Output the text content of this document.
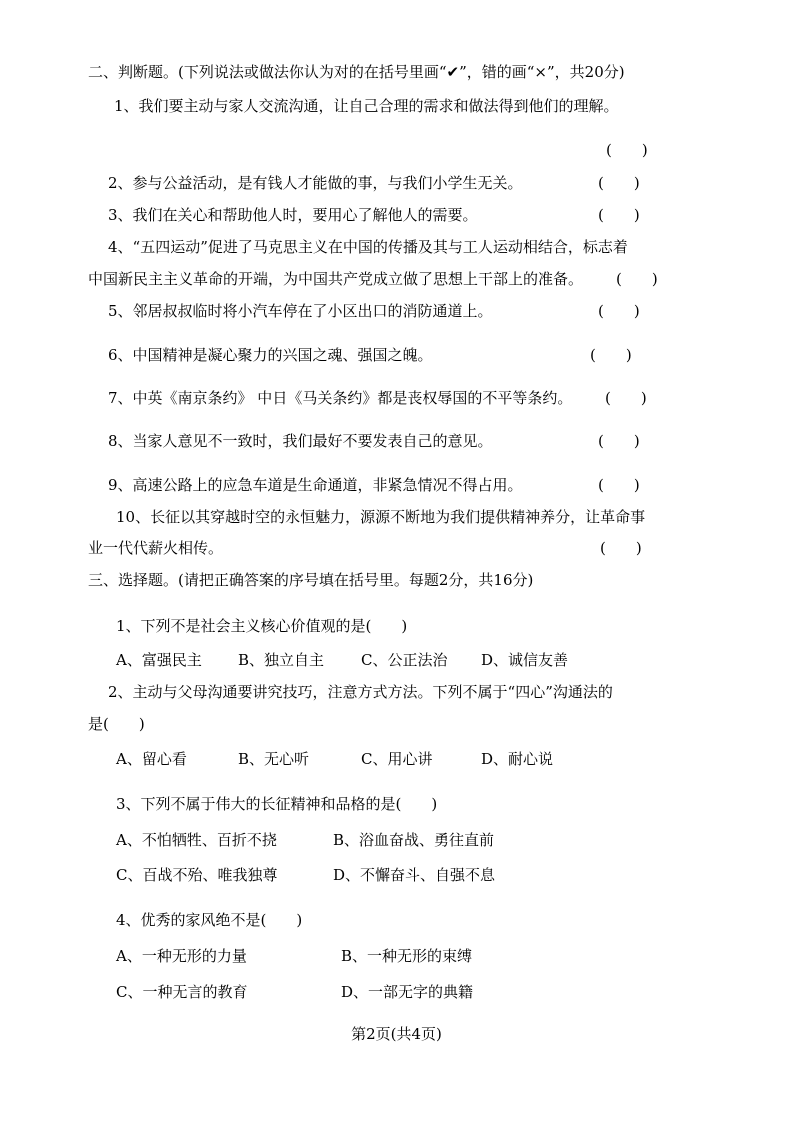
二、判断题。(下列说法或做法你认为对的在括号里画“✔”，错的画“×”，共20分)
1、我们要主动与家人交流沟通，让自己合理的需求和做法得到他们的理解。
(　　)
2、参与公益活动，是有钱人才能做的事，与我们小学生无关。	(　　)
3、我们在关心和帮助他人时，要用心了解他人的需要。	(　　)
4、“五四运动”促进了马克思主义在中国的传播及其与工人运动相结合，标志着
中国新民主主义革命的开端，为中国共产党成立做了思想上干部上的准备。 (　　)
5、邻居叔叔临时将小汽车停在了小区出口的消防通道上。	(　　)
6、中国精神是凝心聚力的兴国之魂、强国之魄。	(　　)
7、中英《南京条约》 中日《马关条约》都是丧权辱国的不平等条约。 (　　)
8、当家人意见不一致时，我们最好不要发表自己的意见。	(　　)
9、高速公路上的应急车道是生命通道，非紧急情况不得占用。	(　　)
10、长征以其穿越时空的永恒魅力，源源不断地为我们提供精神养分，让革命事
业一代代薪火相传。	(　　)
三、选择题。(请把正确答案的序号填在括号里。每题2分，共16分)
1、下列不是社会主义核心价值观的是(　　)
A、富强民主 B、独立自主 C、公正法治 D、诚信友善
2、主动与父母沟通要讲究技巧，注意方式方法。下列不属于“四心”沟通法的
是(　　)
A、留心看	B、无心听	C、用心讲	D、耐心说
3、下列不属于伟大的长征精神和品格的是(　　)
A、不怕牺牲、百折不挠	B、浴血奋战、勇往直前
C、百战不殆、唯我独尊	D、不懈奋斗、自强不息
4、优秀的家风绝不是(　　)
A、一种无形的力量	B、一种无形的束缚
C、一种无言的教育	D、一部无字的典籍
第2页(共4页)
